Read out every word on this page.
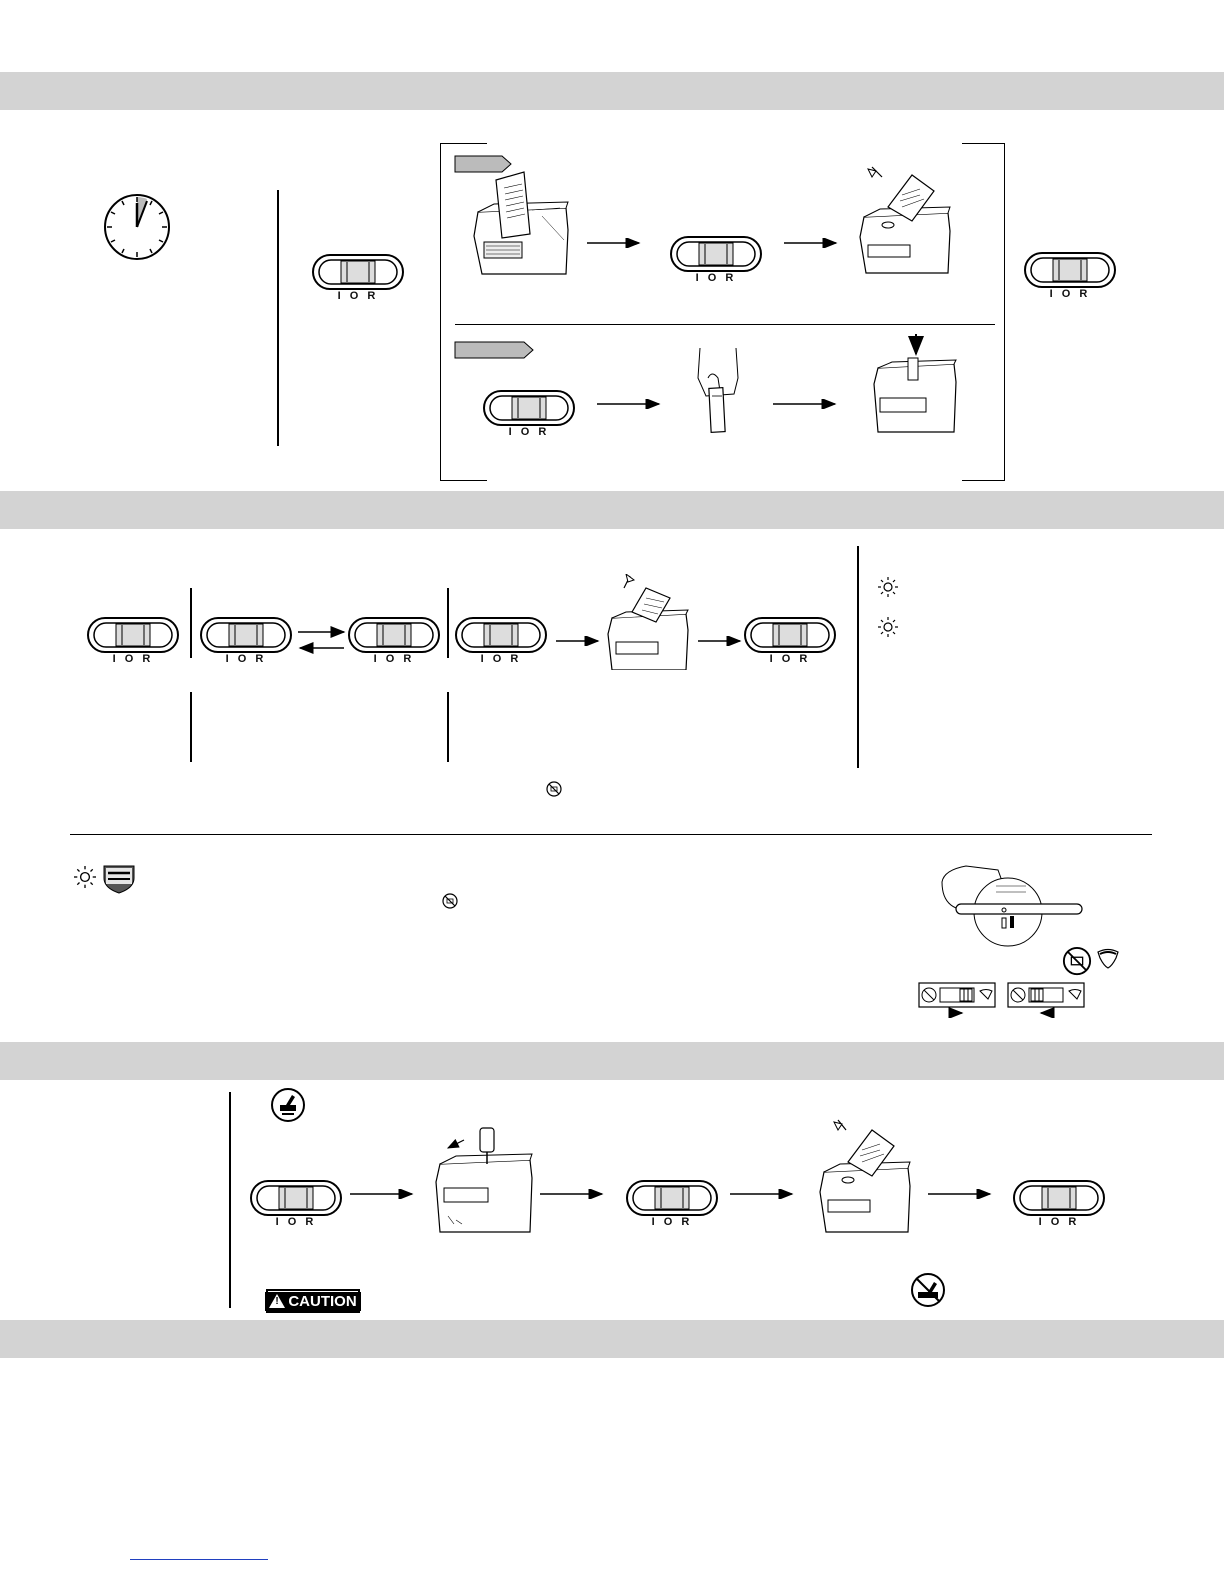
I O R
I O R
I O R
I O R
I O R	I O R	I O R	I O R	I O R
I O R	I O R	I O R
!
CAUTION
